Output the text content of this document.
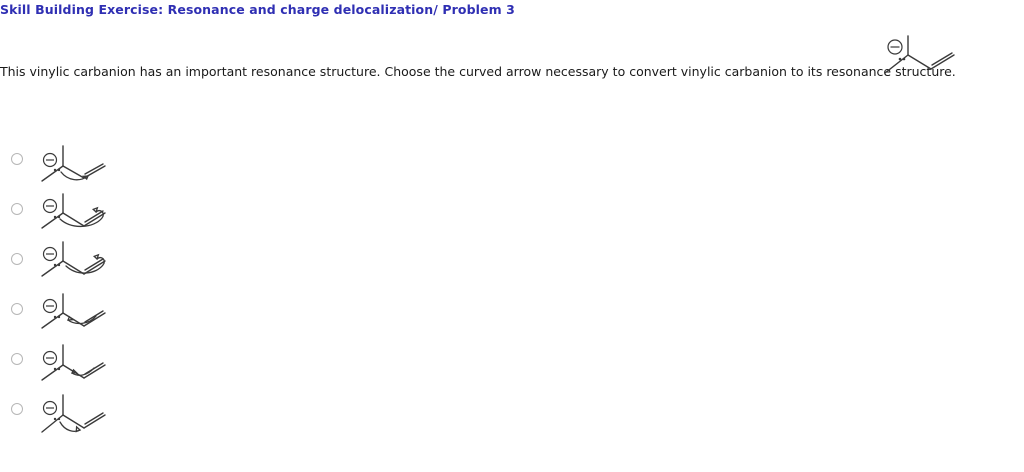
Skill Building Exercise: Resonance and charge delocalization/ Problem 3
This vinylic carbanion has an important resonance structure. Choose the curved arrow necessary to convert vinylic carbanion to its resonance structure.
